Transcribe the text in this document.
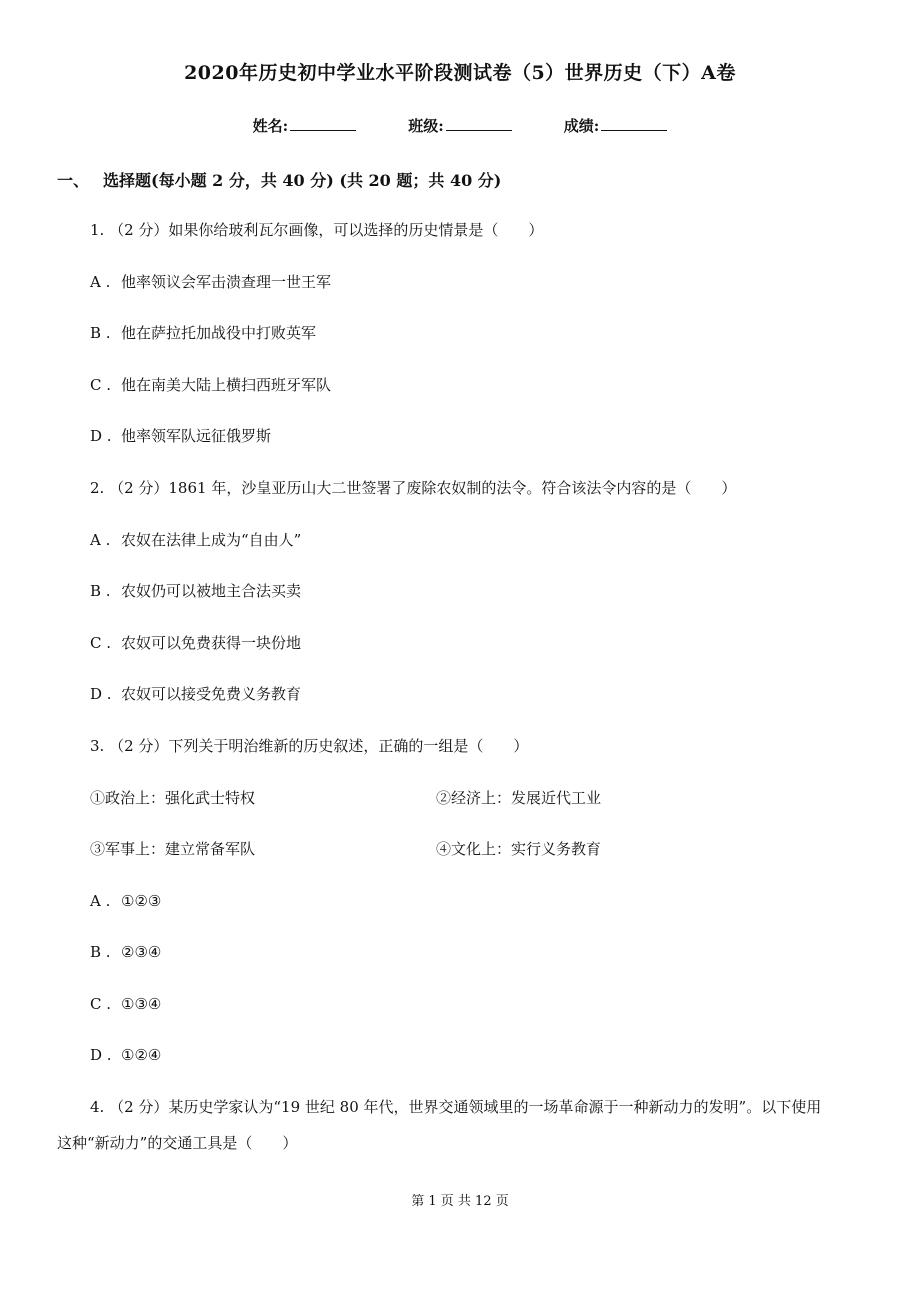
2020年历史初中学业水平阶段测试卷（5）世界历史（下）A卷
姓名:	班级:	成绩:
一、 选择题(每小题 2 分，共 40 分) (共 20 题；共 40 分)
1. （2 分）如果你给玻利瓦尔画像，可以选择的历史情景是（　　）
A . 他率领议会军击溃查理一世王军
B . 他在萨拉托加战役中打败英军
C . 他在南美大陆上横扫西班牙军队
D . 他率领军队远征俄罗斯
2. （2 分）1861 年，沙皇亚历山大二世签署了废除农奴制的法令。符合该法令内容的是（　　）
A . 农奴在法律上成为“自由人”
B . 农奴仍可以被地主合法买卖
C . 农奴可以免费获得一块份地
D . 农奴可以接受免费义务教育
3. （2 分）下列关于明治维新的历史叙述，正确的一组是（　　）
①政治上：强化武士特权	②经济上：发展近代工业
③军事上：建立常备军队	④文化上：实行义务教育
A . ①②③
B . ②③④
C . ①③④
D . ①②④
4. （2 分）某历史学家认为“19 世纪 80 年代，世界交通领域里的一场革命源于一种新动力的发明”。以下使用
这种“新动力”的交通工具是（　　）
第 1 页 共 12 页
